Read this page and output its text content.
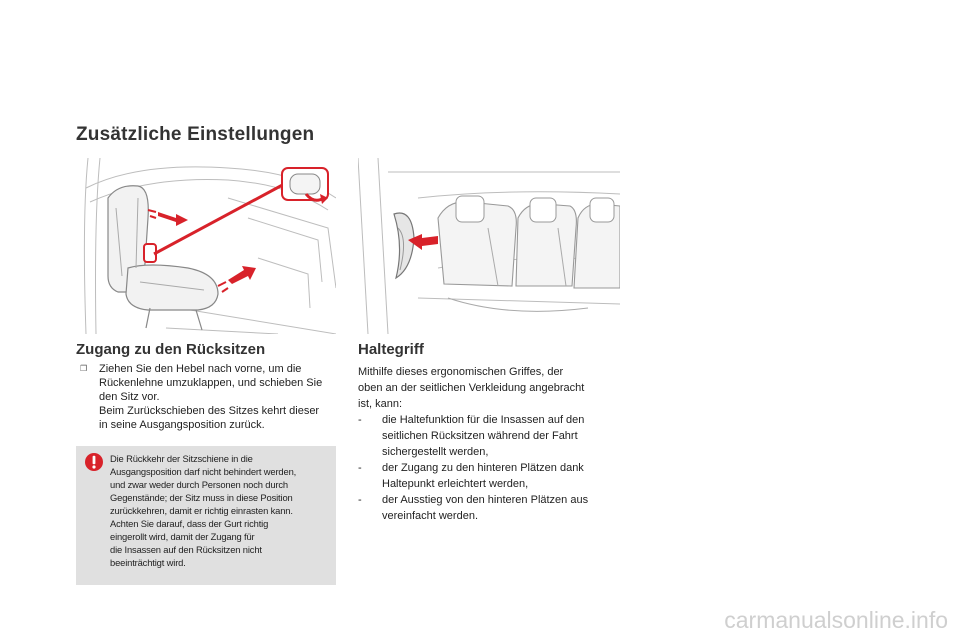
Zusätzliche Einstellungen
Zugang zu den Rücksitzen
❒	Ziehen Sie den Hebel nach vorne, um die
Rückenlehne umzuklappen, und schieben Sie
den Sitz vor.
Beim Zurückschieben des Sitzes kehrt dieser
in seine Ausgangsposition zurück.
Die Rückkehr der Sitzschiene in die
Ausgangsposition darf nicht behindert werden,
und zwar weder durch Personen noch durch
Gegenstände; der Sitz muss in diese Position
zurückkehren, damit er richtig einrasten kann.
Achten Sie darauf, dass der Gurt richtig
eingerollt wird, damit der Zugang für
die Insassen auf den Rücksitzen nicht
beeinträchtigt wird.
Haltegriff
Mithilfe dieses ergonomischen Griffes, der
oben an der seitlichen Verkleidung angebracht
ist, kann:
-	die Haltefunktion für die Insassen auf den
seitlichen Rücksitzen während der Fahrt
sichergestellt werden,
-	der Zugang zu den hinteren Plätzen dank
Haltepunkt erleichtert werden,
-	der Ausstieg von den hinteren Plätzen aus
vereinfacht werden.
carmanualsonline.info
